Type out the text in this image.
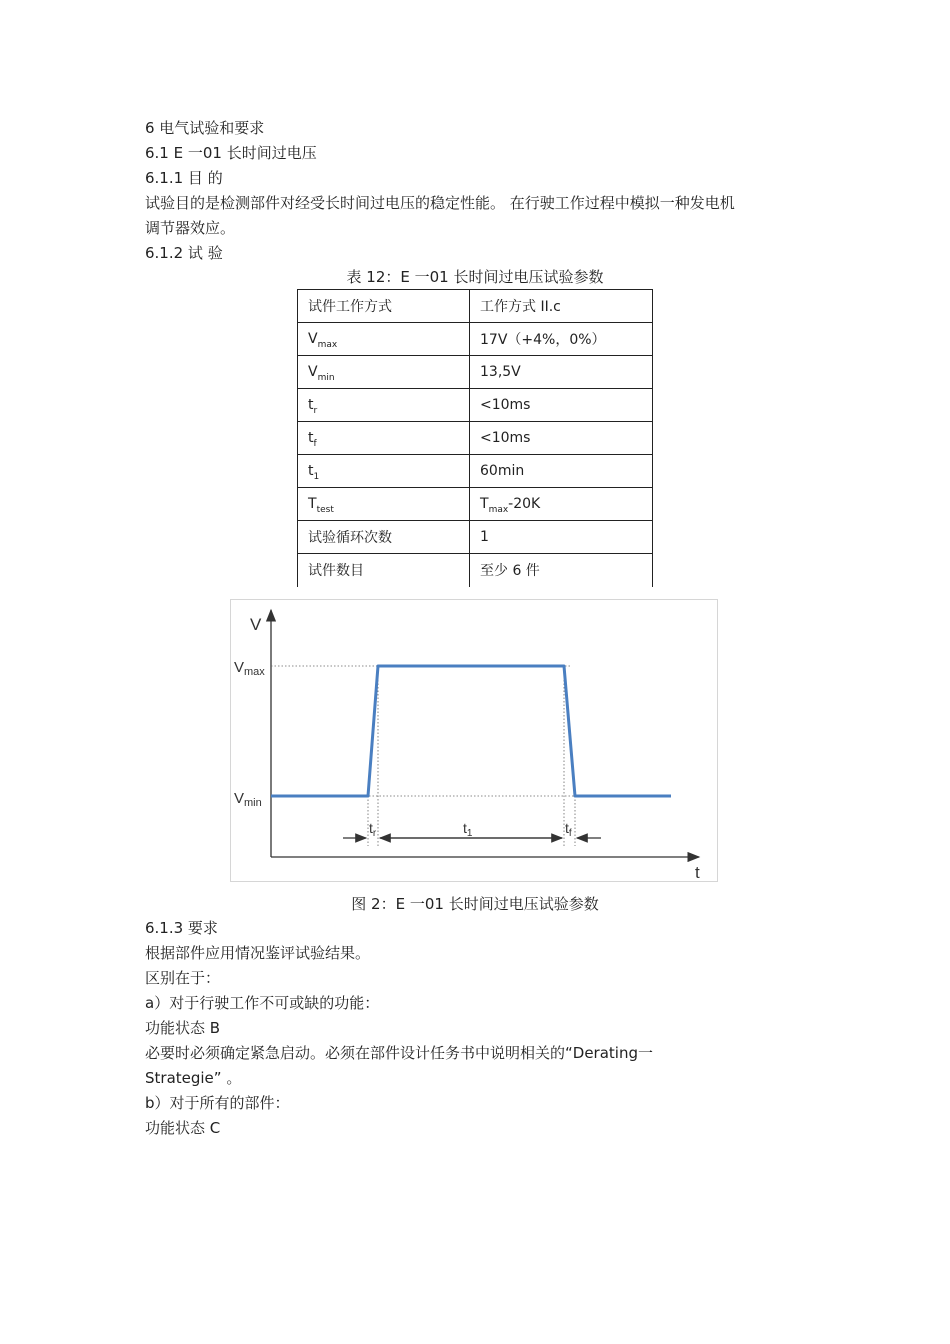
6 电气试验和要求
6.1 E 一01 长时间过电压
6.1.1 目 的
试验目的是检测部件对经受长时间过电压的稳定性能。 在行驶工作过程中模拟一种发电机
调节器效应。
6.1.2 试 验
表 12：E 一01 长时间过电压试验参数
试件工作方式	工作方式 II.c
$V_{max}$	17V（+4%，0%）
$V_{min}$	13,5V
$t_r$	<10ms
$t_f$	<10ms
$t_1$	60min
$T_{test}$	$T_{max}-20K$
试验循环次数	1
试件数目	至少 6 件
V
t
$V_{max}$
$V_{min}$
$t_r$	$t_1$	$t_f$
图 2：E 一01 长时间过电压试验参数
6.1.3 要求
根据部件应用情况鉴评试验结果。
区别在于：
a）对于行驶工作不可或缺的功能：
功能状态 B
必要时必须确定紧急启动。必须在部件设计任务书中说明相关的“Derating一
Strategie” 。
b）对于所有的部件：
功能状态 C
